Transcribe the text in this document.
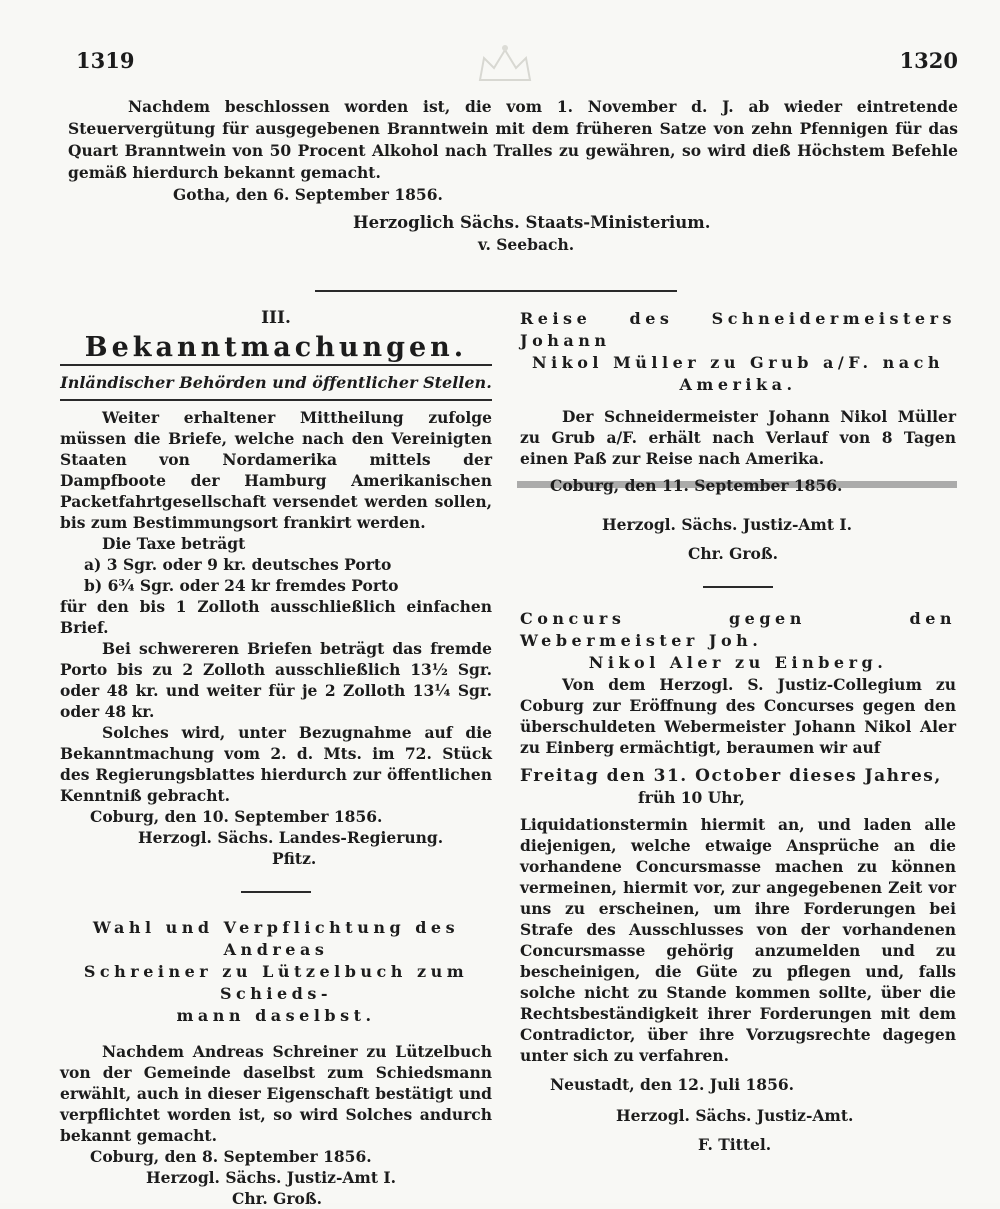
1319	1320

Nachdem beschlossen worden ist, die vom 1. November d. J. ab wieder eintretende Steuervergütung für ausgegebenen Branntwein mit dem früheren Satze von zehn Pfennigen für das Quart Branntwein von 50 Procent Alkohol nach Tralles zu gewähren, so wird dieß Höchstem Befehle gemäß hierdurch bekannt gemacht.

Gotha, den 6. September 1856.

Herzoglich Sächs. Staats-Ministerium.

v. Seebach.

III.

Bekanntmachungen.

Inländischer Behörden und öffentlicher Stellen.

Weiter erhaltener Mittheilung zufolge müssen die Briefe, welche nach den Vereinigten Staaten von Nordamerika mittels der Dampfboote der Hamburg Amerikanischen Packetfahrtgesellschaft versendet werden sollen, bis zum Bestimmungsort frankirt werden.

Die Taxe beträgt

a) 3 Sgr. oder 9 kr. deutsches Porto

b) 6¾ Sgr. oder 24 kr fremdes Porto

für den bis 1 Zolloth ausschließlich einfachen Brief.

Bei schwereren Briefen beträgt das fremde Porto bis zu 2 Zolloth ausschließlich 13½ Sgr. oder 48 kr. und weiter für je 2 Zolloth 13¼ Sgr. oder 48 kr.

Solches wird, unter Bezugnahme auf die Bekanntmachung vom 2. d. Mts. im 72. Stück des Regierungsblattes hierdurch zur öffentlichen Kenntniß gebracht.

Coburg, den 10. September 1856.

Herzogl. Sächs. Landes-Regierung.

Pfitz.

Wahl und Verpflichtung des Andreas

Schreiner zu Lützelbuch zum Schieds-

mann daselbst.

Nachdem Andreas Schreiner zu Lützelbuch von der Gemeinde daselbst zum Schiedsmann erwählt, auch in dieser Eigenschaft bestätigt und verpflichtet worden ist, so wird Solches andurch bekannt gemacht.

Coburg, den 8. September 1856.

Herzogl. Sächs. Justiz-Amt I.

Chr. Groß.

Reise des Schneidermeisters Johann

Nikol Müller zu Grub a/F. nach

Amerika.

Der Schneidermeister Johann Nikol Müller zu Grub a/F. erhält nach Verlauf von 8 Tagen einen Paß zur Reise nach Amerika.

Coburg, den 11. September 1856.

Herzogl. Sächs. Justiz-Amt I.

Chr. Groß.

Concurs gegen den Webermeister Joh.

Nikol Aler zu Einberg.

Von dem Herzogl. S. Justiz-Collegium zu Coburg zur Eröffnung des Concurses gegen den überschuldeten Webermeister Johann Nikol Aler zu Einberg ermächtigt, beraumen wir auf

Freitag den 31. October dieses Jahres,

früh 10 Uhr,

Liquidationstermin hiermit an, und laden alle diejenigen, welche etwaige Ansprüche an die vorhandene Concursmasse machen zu können vermeinen, hiermit vor, zur angegebenen Zeit vor uns zu erscheinen, um ihre Forderungen bei Strafe des Ausschlusses von der vorhandenen Concursmasse gehörig anzumelden und zu bescheinigen, die Güte zu pflegen und, falls solche nicht zu Stande kommen sollte, über die Rechtsbeständigkeit ihrer Forderungen mit dem Contradictor, über ihre Vorzugsrechte dagegen unter sich zu verfahren.

Neustadt, den 12. Juli 1856.

Herzogl. Sächs. Justiz-Amt.

F. Tittel.
